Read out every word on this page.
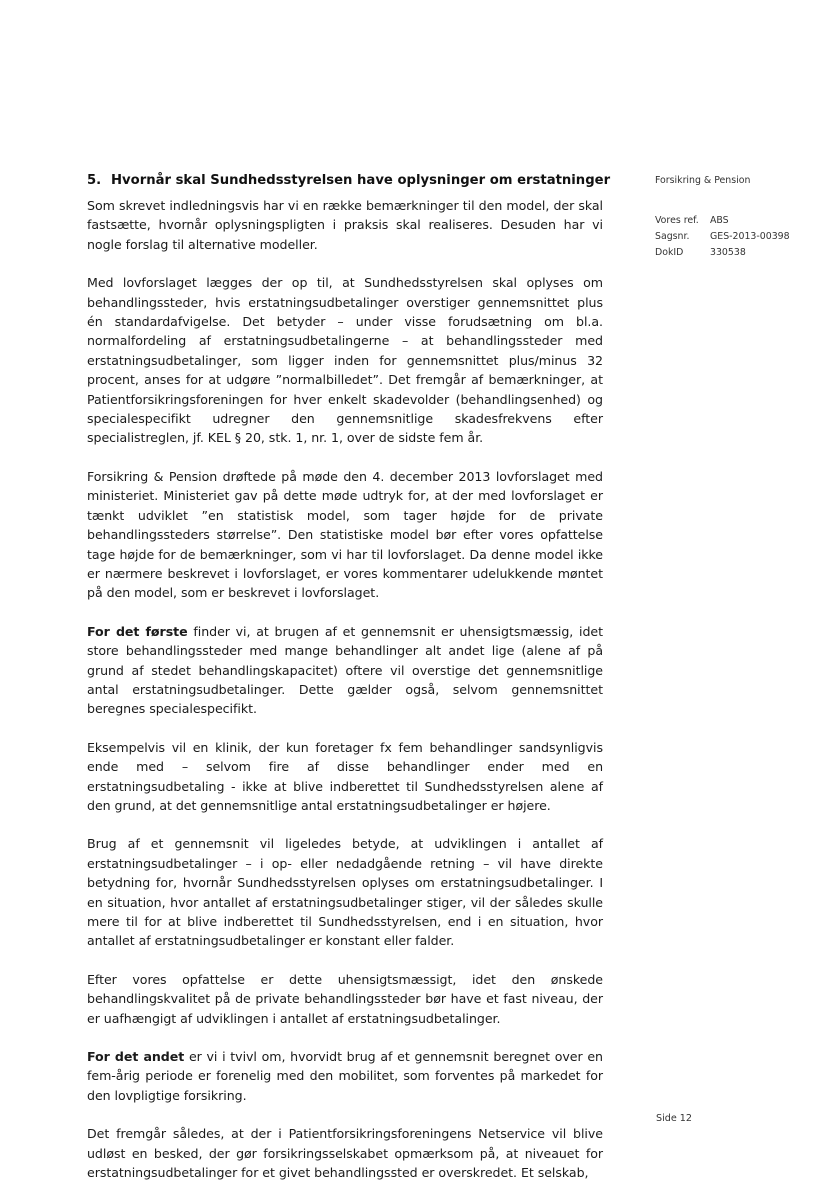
5. Hvornår skal Sundhedsstyrelsen have oplysninger om erstatninger

Som skrevet indledningsvis har vi en række bemærkninger til den model, der skal fastsætte, hvornår oplysningspligten i praksis skal realiseres. Desuden har vi nogle forslag til alternative modeller.

Med lovforslaget lægges der op til, at Sundhedsstyrelsen skal oplyses om behandlingssteder, hvis erstatningsudbetalinger overstiger gennemsnittet plus én standardafvigelse. Det betyder – under visse forudsætning om bl.a. normalfordeling af erstatningsudbetalingerne – at behandlingssteder med erstatningsudbetalinger, som ligger inden for gennemsnittet plus/minus 32 procent, anses for at udgøre ”normalbilledet”. Det fremgår af bemærkninger, at Patientforsikringsforeningen for hver enkelt skadevolder (behandlingsenhed) og specialespecifikt udregner den gennemsnitlige skadesfrekvens efter specialistreglen, jf. KEL § 20, stk. 1, nr. 1, over de sidste fem år.

Forsikring & Pension drøftede på møde den 4. december 2013 lovforslaget med ministeriet. Ministeriet gav på dette møde udtryk for, at der med lovforslaget er tænkt udviklet ”en statistisk model, som tager højde for de private behandlingssteders størrelse”. Den statistiske model bør efter vores opfattelse tage højde for de bemærkninger, som vi har til lovforslaget. Da denne model ikke er nærmere beskrevet i lovforslaget, er vores kommentarer udelukkende møntet på den model, som er beskrevet i lovforslaget.

For det første finder vi, at brugen af et gennemsnit er uhensigtsmæssig, idet store behandlingssteder med mange behandlinger alt andet lige (alene af på grund af stedet behandlingskapacitet) oftere vil overstige det gennemsnitlige antal erstatningsudbetalinger. Dette gælder også, selvom gennemsnittet beregnes specialespecifikt.

Eksempelvis vil en klinik, der kun foretager fx fem behandlinger sandsynligvis ende med – selvom fire af disse behandlinger ender med en erstatningsudbetaling - ikke at blive indberettet til Sundhedsstyrelsen alene af den grund, at det gennemsnitlige antal erstatningsudbetalinger er højere.

Brug af et gennemsnit vil ligeledes betyde, at udviklingen i antallet af erstatningsudbetalinger – i op- eller nedadgående retning – vil have direkte betydning for, hvornår Sundhedsstyrelsen oplyses om erstatningsudbetalinger. I en situation, hvor antallet af erstatningsudbetalinger stiger, vil der således skulle mere til for at blive indberettet til Sundhedsstyrelsen, end i en situation, hvor antallet af erstatningsudbetalinger er konstant eller falder.

Efter vores opfattelse er dette uhensigtsmæssigt, idet den ønskede behandlingskvalitet på de private behandlingssteder bør have et fast niveau, der er uafhængigt af udviklingen i antallet af erstatningsudbetalinger.

For det andet er vi i tvivl om, hvorvidt brug af et gennemsnit beregnet over en fem-årig periode er forenelig med den mobilitet, som forventes på markedet for den lovpligtige forsikring.

Det fremgår således, at der i Patientforsikringsforeningens Netservice vil blive udløst en besked, der gør forsikringsselskabet opmærksom på, at niveauet for erstatningsudbetalinger for et givet behandlingssted er overskredet. Et selskab,

Forsikring & Pension
Vores ref.	ABS
Sagsnr.	GES-2013-00398
DokID	330538
Side 12
